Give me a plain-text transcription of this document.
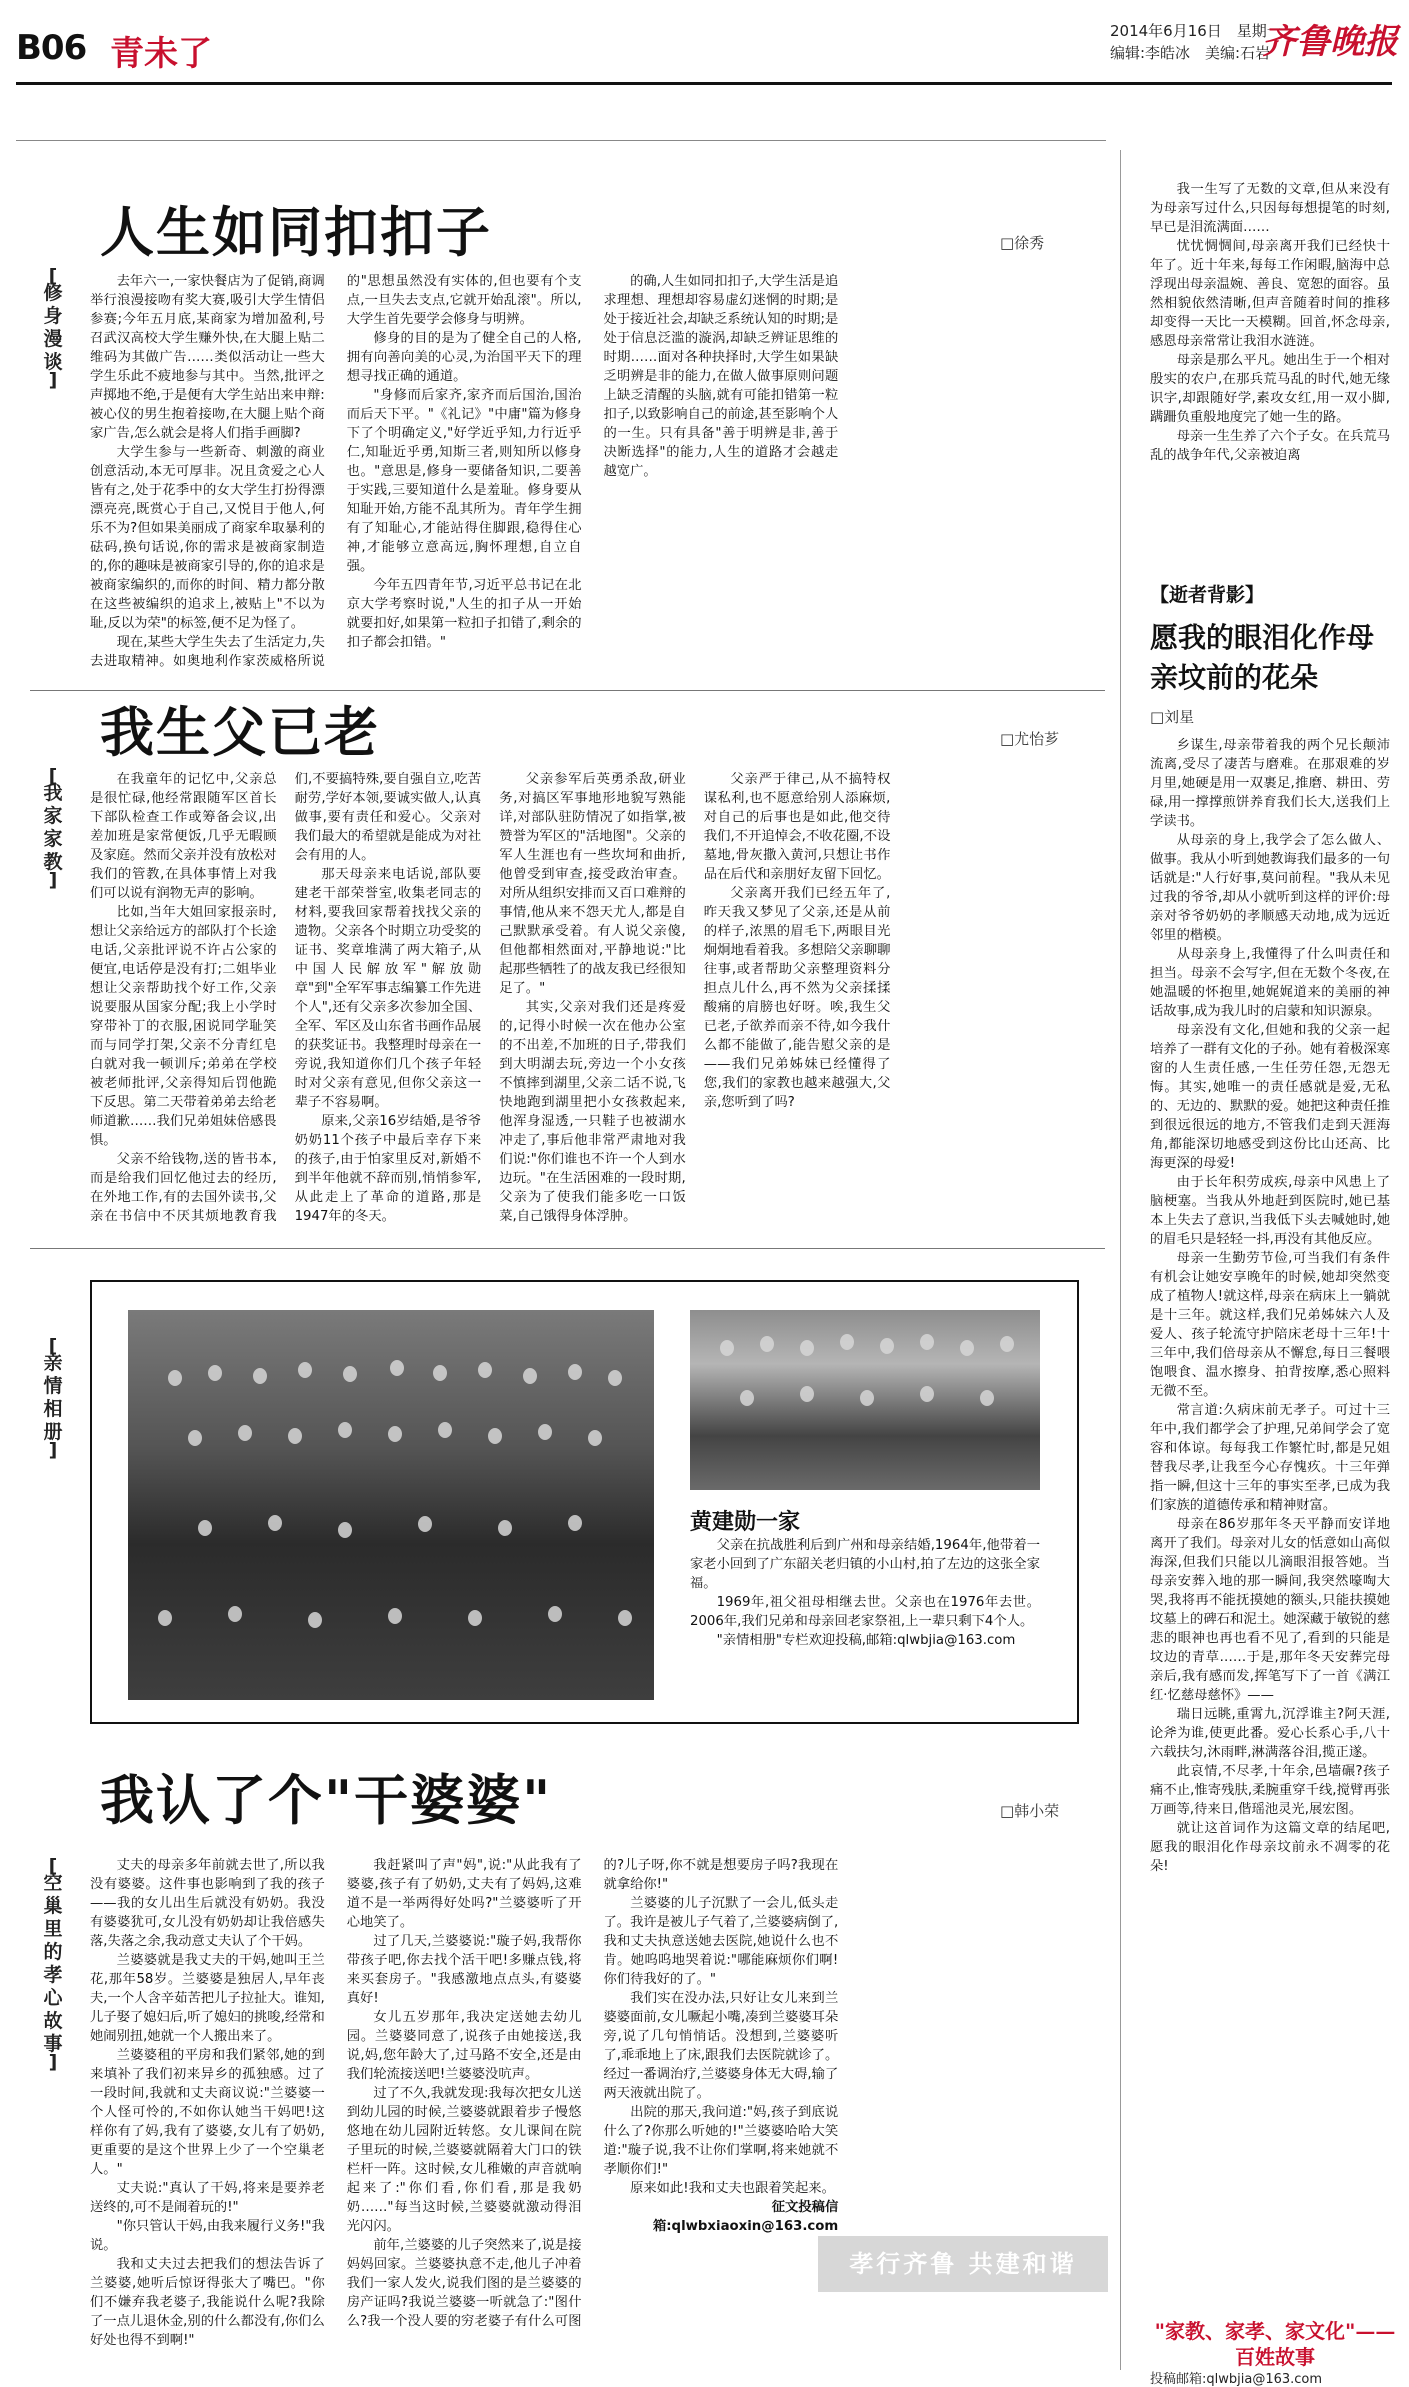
B06 青未了
2014年6月16日　星期一
编辑:李皓冰　美编:石岩
齐鲁晚报
[ 修身漫谈 ]
人生如同扣扣子	□徐秀

去年六一,一家快餐店为了促销,商调举行浪漫接吻有奖大赛,吸引大学生情侣参赛;今年五月底,某商家为增加盈利,号召武汉高校大学生赚外快,在大腿上贴二维码为其做广告……类似活动让一些大学生乐此不疲地参与其中。当然,批评之声掷地不绝,于是便有大学生站出来申辩:被心仪的男生抱着接吻,在大腿上贴个商家广告,怎么就会是将人们指手画脚?

大学生参与一些新奇、刺激的商业创意活动,本无可厚非。况且贪爱之心人皆有之,处于花季中的女大学生打扮得漂漂亮亮,既赏心于自己,又悦目于他人,何乐不为?但如果美丽成了商家牟取暴利的砝码,换句话说,你的需求是被商家制造的,你的趣味是被商家引导的,你的追求是被商家编织的,而你的时间、精力都分散在这些被编织的追求上,被贴上"不以为耻,反以为荣"的标签,便不足为怪了。

现在,某些大学生失去了生活定力,失去进取精神。如奥地利作家茨威格所说的"思想虽然没有实体的,但也要有个支点,一旦失去支点,它就开始乱滚"。所以,大学生首先要学会修身与明辨。

修身的目的是为了健全自己的人格,拥有向善向美的心灵,为治国平天下的理想寻找正确的通道。

"身修而后家齐,家齐而后国治,国治而后天下平。"《礼记》"中庸"篇为修身下了个明确定义,"好学近乎知,力行近乎仁,知耻近乎勇,知斯三者,则知所以修身也。"意思是,修身一要储备知识,二要善于实践,三要知道什么是羞耻。修身要从知耻开始,方能不乱其所为。青年学生拥有了知耻心,才能站得住脚跟,稳得住心神,才能够立意高远,胸怀理想,自立自强。

今年五四青年节,习近平总书记在北京大学考察时说,"人生的扣子从一开始就要扣好,如果第一粒扣子扣错了,剩余的扣子都会扣错。"

的确,人生如同扣扣子,大学生活是追求理想、理想却容易虚幻迷惘的时期;是处于接近社会,却缺乏系统认知的时期;是处于信息泛滥的漩涡,却缺乏辨证思维的时期……面对各种抉择时,大学生如果缺乏明辨是非的能力,在做人做事原则问题上缺乏清醒的头脑,就有可能扣错第一粒扣子,以致影响自己的前途,甚至影响个人的一生。只有具备"善于明辨是非,善于决断选择"的能力,人生的道路才会越走越宽广。

[ 我家家教 ]
我生父已老	□尤怡芗

在我童年的记忆中,父亲总是很忙碌,他经常跟随军区首长下部队检查工作或筹备会议,出差加班是家常便饭,几乎无暇顾及家庭。然而父亲并没有放松对我们的管教,在具体事情上对我们可以说有润物无声的影响。

比如,当年大姐回家报亲时,想让父亲给远方的部队打个长途电话,父亲批评说不许占公家的便宜,电话停是没有打;二姐毕业想让父亲帮助找个好工作,父亲说要服从国家分配;我上小学时穿带补丁的衣服,困说同学耻笑而与同学打架,父亲不分青红皂白就对我一顿训斥;弟弟在学校被老师批评,父亲得知后罚他跪下反思。第二天带着弟弟去给老师道歉……我们兄弟姐妹倍感畏惧。

父亲不给钱物,送的皆书本,而是给我们回忆他过去的经历,在外地工作,有的去国外读书,父亲在书信中不厌其烦地教育我们,不要搞特殊,要自强自立,吃苦耐劳,学好本领,要诚实做人,认真做事,要有责任和爱心。父亲对我们最大的希望就是能成为对社会有用的人。

那天母亲来电话说,部队要建老干部荣誉室,收集老同志的材料,要我回家帮着找找父亲的遗物。父亲各个时期立功受奖的证书、奖章堆满了两大箱子,从中国人民解放军"解放勋章"到"全军军事志编纂工作先进个人",还有父亲多次参加全国、全军、军区及山东省书画作品展的获奖证书。我整理时母亲在一旁说,我知道你们几个孩子年轻时对父亲有意见,但你父亲这一辈子不容易啊。

原来,父亲16岁结婚,是爷爷奶奶11个孩子中最后幸存下来的孩子,由于怕家里反对,新婚不到半年他就不辞而别,悄悄参军,从此走上了革命的道路,那是1947年的冬天。

父亲参军后英勇杀敌,研业务,对搞区军事地形地貌写熟能详,对部队驻防情况了如指掌,被赞誉为军区的"活地图"。父亲的军人生涯也有一些坎坷和曲折,他曾受到审查,接受政治审查。对所从组织安排而又百口难辩的事情,他从来不怨天尤人,都是自己默默承受着。有人说父亲傻,但他都相然面对,平静地说:"比起那些牺牲了的战友我已经很知足了。"

其实,父亲对我们还是疼爱的,记得小时候一次在他办公室的不出差,不加班的日子,带我们到大明湖去玩,旁边一个小女孩不慎摔到湖里,父亲二话不说,飞快地跑到湖里把小女孩救起来,他浑身湿透,一只鞋子也被湖水冲走了,事后他非常严肃地对我们说:"你们谁也不许一个人到水边玩。"在生活困难的一段时期,父亲为了使我们能多吃一口饭菜,自己饿得身体浮肿。

父亲严于律己,从不搞特权谋私利,也不愿意给别人添麻烦,对自己的后事也是如此,他交待我们,不开追悼会,不收花圈,不设墓地,骨灰撒入黄河,只想让书作品在后代和亲朋好友留下回忆。

父亲离开我们已经五年了,昨天我又梦见了父亲,还是从前的样子,浓黑的眉毛下,两眼目光炯炯地看着我。多想陪父亲聊聊往事,或者帮助父亲整理资料分担点儿什么,再不然为父亲揉揉酸痛的肩膀也好呀。唉,我生父已老,子欲养而亲不待,如今我什么都不能做了,能告慰父亲的是——我们兄弟姊妹已经懂得了您,我们的家教也越来越强大,父亲,您听到了吗?

[ 亲情相册 ]
黄建勋一家

父亲在抗战胜利后到广州和母亲结婚,1964年,他带着一家老小回到了广东韶关老归镇的小山村,拍了左边的这张全家福。

1969年,祖父祖母相继去世。父亲也在1976年去世。2006年,我们兄弟和母亲回老家祭祖,上一辈只剩下4个人。

"亲情相册"专栏欢迎投稿,邮箱:qlwbjia@163.com

[ 空巢里的孝心故事 ]
我认了个"干婆婆"	□韩小荣

丈夫的母亲多年前就去世了,所以我没有婆婆。这件事也影响到了我的孩子——我的女儿出生后就没有奶奶。我没有婆婆犹可,女儿没有奶奶却让我倍感失落,失落之余,我动意丈夫认了个干妈。

兰婆婆就是我丈夫的干妈,她叫王兰花,那年58岁。兰婆婆是独居人,早年丧夫,一个人含辛茹苦把儿子拉扯大。谁知,儿子娶了媳妇后,听了媳妇的挑唆,经常和她闹别扭,她就一个人搬出来了。

兰婆婆租的平房和我们紧邻,她的到来填补了我们初来异乡的孤独感。过了一段时间,我就和丈夫商议说:"兰婆婆一个人怪可怜的,不如你认她当干妈吧!这样你有了妈,我有了婆婆,女儿有了奶奶,更重要的是这个世界上少了一个空巢老人。"

丈夫说:"真认了干妈,将来是要养老送终的,可不是闹着玩的!"

"你只管认干妈,由我来履行义务!"我说。

我和丈夫过去把我们的想法告诉了兰婆婆,她听后惊讶得张大了嘴巴。"你们不嫌弃我老婆子,我能说什么呢?我除了一点儿退休金,别的什么都没有,你们么好处也得不到啊!"

我赶紧叫了声"妈",说:"从此我有了婆婆,孩子有了奶奶,丈夫有了妈妈,这难道不是一举两得好处吗?"兰婆婆听了开心地笑了。

过了几天,兰婆婆说:"璇子妈,我帮你带孩子吧,你去找个活干吧!多赚点钱,将来买套房子。"我感激地点点头,有婆婆真好!

女儿五岁那年,我决定送她去幼儿园。兰婆婆同意了,说孩子由她接送,我说,妈,您年龄大了,过马路不安全,还是由我们轮流接送吧!兰婆婆没吭声。

过了不久,我就发现:我每次把女儿送到幼儿园的时候,兰婆婆就跟着步子慢悠悠地在幼儿园附近转悠。女儿课间在院子里玩的时候,兰婆婆就隔着大门口的铁栏杆一阵。这时候,女儿稚嫩的声音就响起来了:"你们看,你们看,那是我奶奶……"每当这时候,兰婆婆就激动得泪光闪闪。

前年,兰婆婆的儿子突然来了,说是接妈妈回家。兰婆婆执意不走,他儿子冲着我们一家人发火,说我们图的是兰婆婆的房产证吗?我说兰婆婆一听就急了:"图什么?我一个没人要的穷老婆子有什么可图的?儿子呀,你不就是想要房子吗?我现在就拿给你!"

兰婆婆的儿子沉默了一会儿,低头走了。我许是被儿子气着了,兰婆婆病倒了,我和丈夫执意送她去医院,她说什么也不肯。她呜呜地哭着说:"哪能麻烦你们啊!你们待我好的了。"

我们实在没办法,只好让女儿来到兰婆婆面前,女儿噘起小嘴,凑到兰婆婆耳朵旁,说了几句悄悄话。没想到,兰婆婆听了,乖乖地上了床,跟我们去医院就诊了。经过一番调治疗,兰婆婆身体无大碍,输了两天液就出院了。

出院的那天,我问道:"妈,孩子到底说什么了?你那么听她的!"兰婆婆哈哈大笑道:"璇子说,我不让你们掌啊,将来她就不孝顺你们!"

原来如此!我和丈夫也跟着笑起来。

征文投稿信箱:qlwbxiaoxin@163.com

孝行齐鲁 共建和谐

我一生写了无数的文章,但从来没有为母亲写过什么,只因每每想提笔的时刻,早已是泪流满面……

忧忧惆惆间,母亲离开我们已经快十年了。近十年来,每每工作闲暇,脑海中总浮现出母亲温婉、善良、宽恕的面容。虽然相貌依然清晰,但声音随着时间的推移却变得一天比一天模糊。回首,怀念母亲,感恩母亲常常让我泪水涟涟。

母亲是那么平凡。她出生于一个相对殷实的农户,在那兵荒马乱的时代,她无缘识字,却跟随好学,素攻女红,用一双小脚,蹒跚负重般地度完了她一生的路。

母亲一生生养了六个子女。在兵荒马乱的战争年代,父亲被迫离

【逝者背影】
愿我的眼泪化作母亲坟前的花朵
□刘星

乡谋生,母亲带着我的两个兄长颠沛流离,受尽了凄苦与磨难。在那艰难的岁月里,她硬是用一双裹足,推磨、耕田、劳碌,用一撑撑煎饼养育我们长大,送我们上学读书。

从母亲的身上,我学会了怎么做人、做事。我从小听到她教诲我们最多的一句话就是:"人行好事,莫问前程。"我从未见过我的爷爷,却从小就听到这样的评价:母亲对爷爷奶奶的孝顺感天动地,成为远近邻里的楷模。

从母亲身上,我懂得了什么叫责任和担当。母亲不会写字,但在无数个冬夜,在她温暖的怀抱里,她娓娓道来的美丽的神话故事,成为我儿时的启蒙和知识源泉。

母亲没有文化,但她和我的父亲一起培养了一群有文化的子孙。她有着极深寒窗的人生责任感,一生任劳任怨,无怨无悔。其实,她唯一的责任感就是爱,无私的、无边的、默默的爱。她把这种责任推到很远很远的地方,不管我们走到天涯海角,都能深切地感受到这份比山还高、比海更深的母爱!

由于长年积劳成疾,母亲中风患上了脑梗塞。当我从外地赶到医院时,她已基本上失去了意识,当我低下头去喊她时,她的眉毛只是轻轻一抖,再没有其他反应。

母亲一生勤劳节俭,可当我们有条件有机会让她安享晚年的时候,她却突然变成了植物人!就这样,母亲在病床上一躺就是十三年。就这样,我们兄弟姊妹六人及爱人、孩子轮流守护陪床老母十三年!十三年中,我们倍母亲从不懈怠,每日三餐喂饱喂食、温水擦身、拍背按摩,悉心照料无微不至。

常言道:久病床前无孝子。可过十三年中,我们都学会了护理,兄弟间学会了宽容和体谅。每每我工作繁忙时,都是兄姐替我尽孝,让我至今心存愧疚。十三年弹指一瞬,但这十三年的事实至孝,已成为我们家族的道德传承和精神财富。

母亲在86岁那年冬天平静而安详地离开了我们。母亲对儿女的恬意如山高似海深,但我们只能以儿滴眼泪报答她。当母亲安葬入地的那一瞬间,我突然嚎啕大哭,我将再不能抚摸她的额头,只能扶摸她坟墓上的碑石和泥土。她深藏于敏锐的慈悲的眼神也再也看不见了,看到的只能是坟边的青草……于是,那年冬天安葬完母亲后,我有感而发,挥笔写下了一首《满江红·忆慈母慈怀》——

瑞日远眺,重霄九,沉浮谁主?阿天涯,论斧为谁,使更此番。爱心长系心手,八十六载扶匀,沐雨畔,淋满落谷泪,揽正遂。

此哀情,不尽孝,十年余,邑墙碾?孩子痛不止,惟寄残肤,柔腕重穿千线,搅臂再张万画等,待来日,偕瑶池灵光,展宏图。

就让这首词作为这篇文章的结尾吧,愿我的眼泪化作母亲坟前永不凋零的花朵!

"家教、家孝、家文化"——百姓故事
投稿邮箱:qlwbjia@163.com
